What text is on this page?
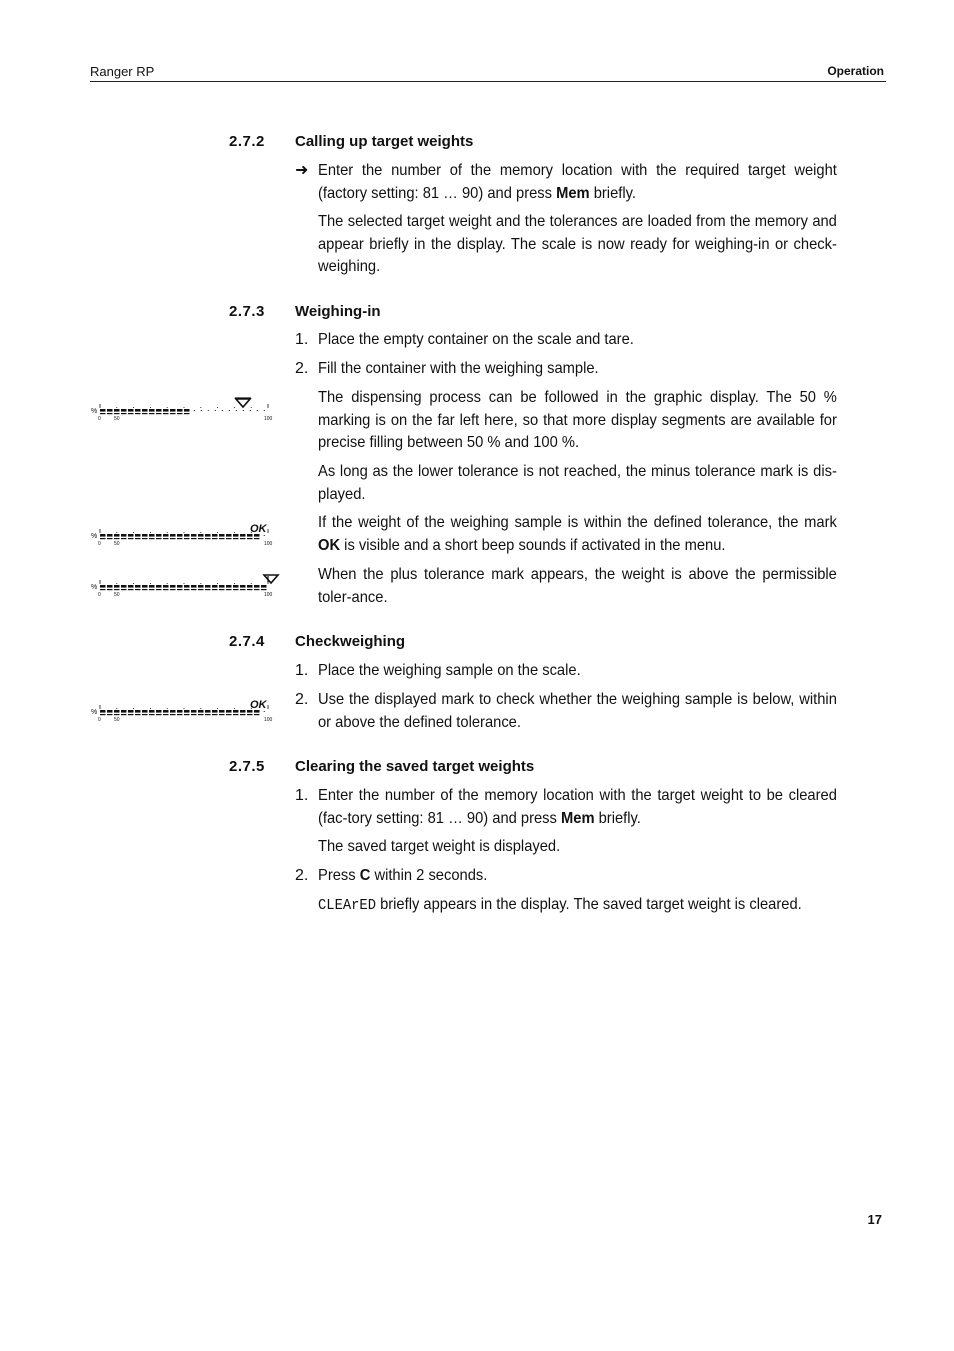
Ranger RP	Operation
2.7.2 Calling up target weights
➜ Enter the number of the memory location with the required target weight (factory setting: 81 … 90) and press Mem briefly.
The selected target weight and the tolerances are loaded from the memory and appear briefly in the display. The scale is now ready for weighing-in or check-weighing.
2.7.3 Weighing-in
1. Place the empty container on the scale and tare.
2. Fill the container with the weighing sample.
The dispensing process can be followed in the graphic display. The 50 % marking is on the far left here, so that more display segments are available for precise filling between 50 % and 100 %.
As long as the lower tolerance is not reached, the minus tolerance mark is dis-played.
If the weight of the weighing sample is within the defined tolerance, the mark OK is visible and a short beep sounds if activated in the menu.
When the plus tolerance mark appears, the weight is above the permissible toler-ance.
2.7.4 Checkweighing
1. Place the weighing sample on the scale.
2. Use the displayed mark to check whether the weighing sample is below, within or above the defined tolerance.
2.7.5 Clearing the saved target weights
1. Enter the number of the memory location with the target weight to be cleared (fac-tory setting: 81 … 90) and press Mem briefly.
The saved target weight is displayed.
2. Press C within 2 seconds.
CLEArED briefly appears in the display. The saved target weight is cleared.
%
0	50	100
%
0	50	100
OK
%
0	50	100
%
0	50	100
OK
17
